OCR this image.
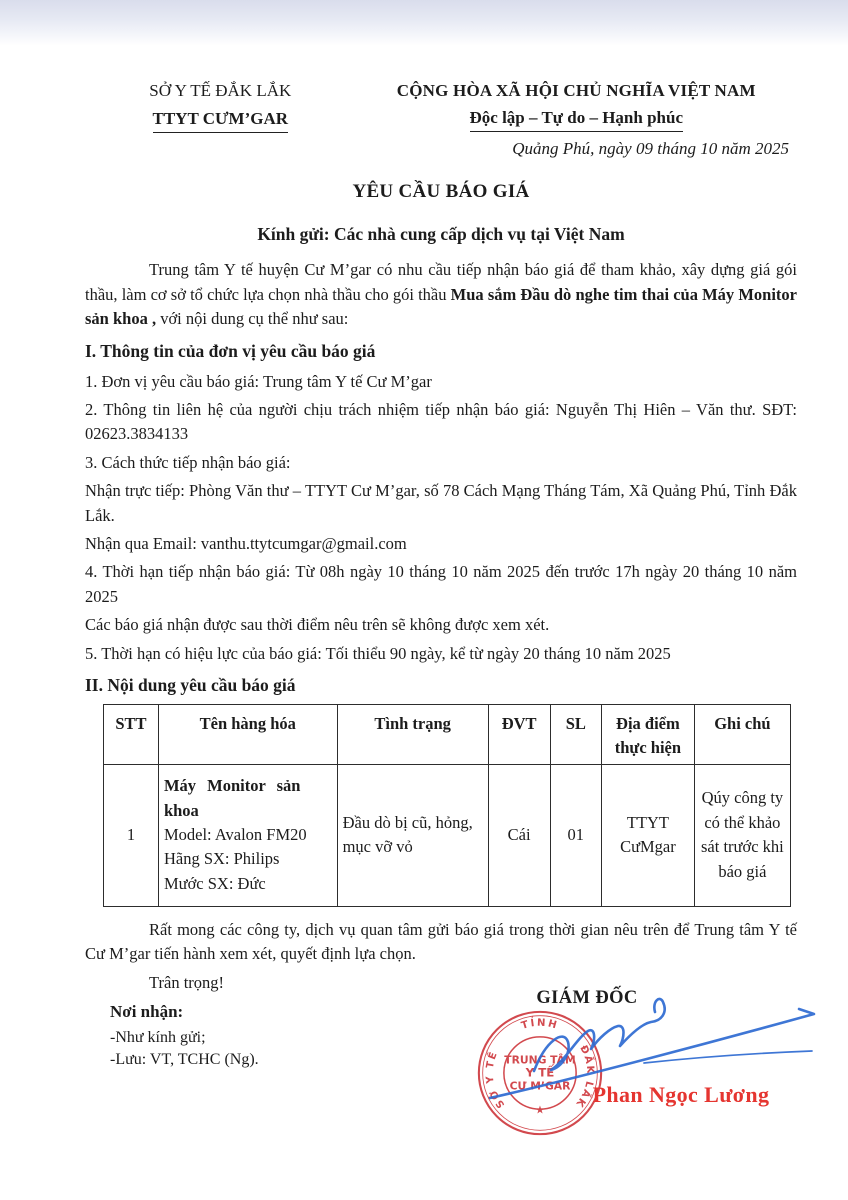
SỞ Y TẾ ĐẮK LẮK
TTYT CƯM’GAR
CỘNG HÒA XÃ HỘI CHỦ NGHĨA VIỆT NAM
Độc lập – Tự do – Hạnh phúc
Quảng Phú, ngày 09 tháng 10 năm 2025
YÊU CẦU BÁO GIÁ
Kính gửi: Các nhà cung cấp dịch vụ tại Việt Nam

Trung tâm Y tế huyện Cư M’gar có nhu cầu tiếp nhận báo giá để tham khảo, xây dựng giá gói thầu, làm cơ sở tổ chức lựa chọn nhà thầu cho gói thầu Mua sắm Đầu dò nghe tim thai của Máy Monitor sản khoa , với nội dung cụ thể như sau:

I. Thông tin của đơn vị yêu cầu báo giá

1. Đơn vị yêu cầu báo giá: Trung tâm Y tế Cư M’gar

2. Thông tin liên hệ của người chịu trách nhiệm tiếp nhận báo giá: Nguyễn Thị Hiên – Văn thư. SĐT: 02623.3834133

3. Cách thức tiếp nhận báo giá:

Nhận trực tiếp: Phòng Văn thư – TTYT Cư M’gar, số 78 Cách Mạng Tháng Tám, Xã Quảng Phú, Tỉnh Đắk Lắk.

Nhận qua Email: vanthu.ttytcumgar@gmail.com

4. Thời hạn tiếp nhận báo giá: Từ 08h ngày 10 tháng 10 năm 2025 đến trước 17h ngày 20 tháng 10 năm 2025

Các báo giá nhận được sau thời điểm nêu trên sẽ không được xem xét.

5. Thời hạn có hiệu lực của báo giá: Tối thiểu 90 ngày, kể từ ngày 20 tháng 10 năm 2025

II. Nội dung yêu cầu báo giá
STT	Tên hàng hóa	Tình trạng	ĐVT	SL	Địa điểm thực hiện	Ghi chú
1	Máy Monitor sản khoa
Model: Avalon FM20
Hãng SX: Philips
Mước SX: Đức	Đầu dò bị cũ, hỏng, mục vỡ vỏ	Cái	01	TTYT CưMgar	Qúy công ty có thể khảo sát trước khi báo giá

Rất mong các công ty, dịch vụ quan tâm gửi báo giá trong thời gian nêu trên để Trung tâm Y tế Cư M’gar tiến hành xem xét, quyết định lựa chọn.

Trân trọng!

Nơi nhận:
-Như kính gửi;
-Lưu: VT, TCHC (Ng).
GIÁM ĐỐC
SỞ Y TẾ
TỈNH
ĐẮK LẮK
TRUNG TÂM
Y TẾ
CƯ M’GAR
★
Phan Ngọc Lương
